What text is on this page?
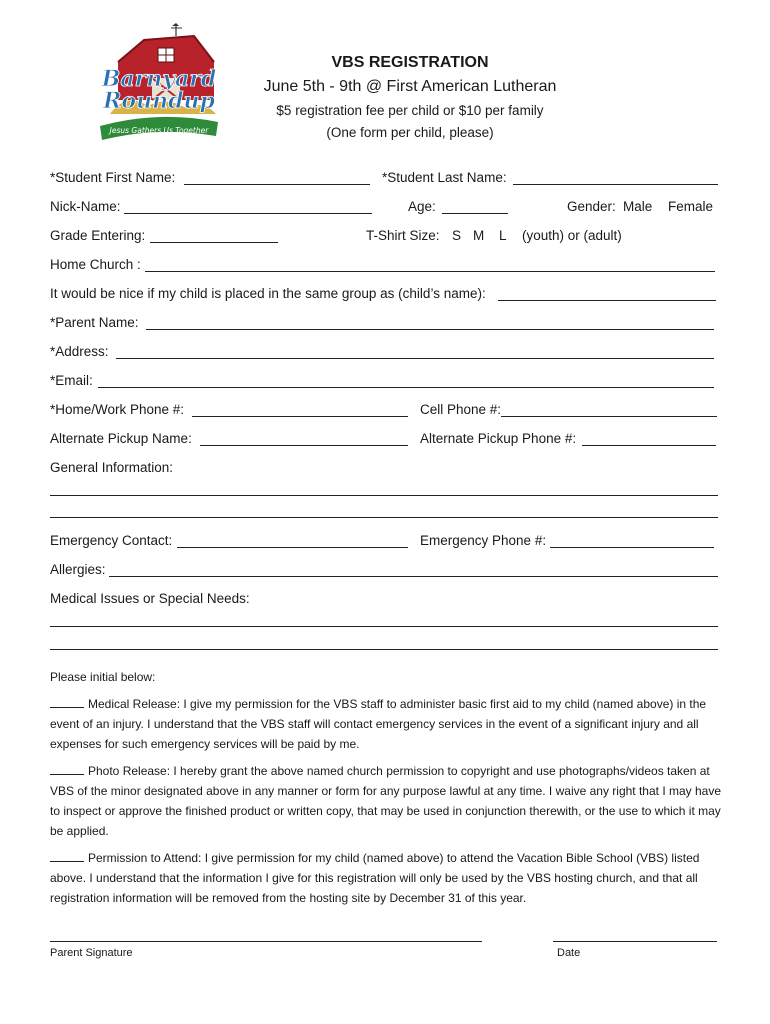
Barnyard
Roundup
Jesus Gathers Us Together
VBS REGISTRATION
June 5th - 9th @ First American Lutheran
$5 registration fee per child or $10 per family
(One form per child, please)
*Student First Name:	*Student Last Name:
Nick-Name:	Age:	Gender: Male Female
Grade Entering:	T-Shirt Size: S M L (youth) or (adult)
Home Church :
It would be nice if my child is placed in the same group as (child’s name):
*Parent Name:
*Address:
*Email:
*Home/Work Phone #:	Cell Phone #:
Alternate Pickup Name:	Alternate Pickup Phone #:
General Information:
Emergency Contact:	Emergency Phone #:
Allergies:
Medical Issues or Special Needs:
Please initial below:
Medical Release: I give my permission for the VBS staff to administer basic first aid to my child (named above) in the event of an injury. I understand that the VBS staff will contact emergency services in the event of a significant injury and all expenses for such emergency services will be paid by me.
Photo Release: I hereby grant the above named church permission to copyright and use photographs/videos taken at VBS of the minor designated above in any manner or form for any purpose lawful at any time. I waive any right that I may have to inspect or approve the finished product or written copy, that may be used in conjunction therewith, or the use to which it may be applied.
Permission to Attend: I give permission for my child (named above) to attend the Vacation Bible School (VBS) listed above. I understand that the information I give for this registration will only be used by the VBS hosting church, and that all registration information will be removed from the hosting site by December 31 of this year.
Parent Signature	Date
